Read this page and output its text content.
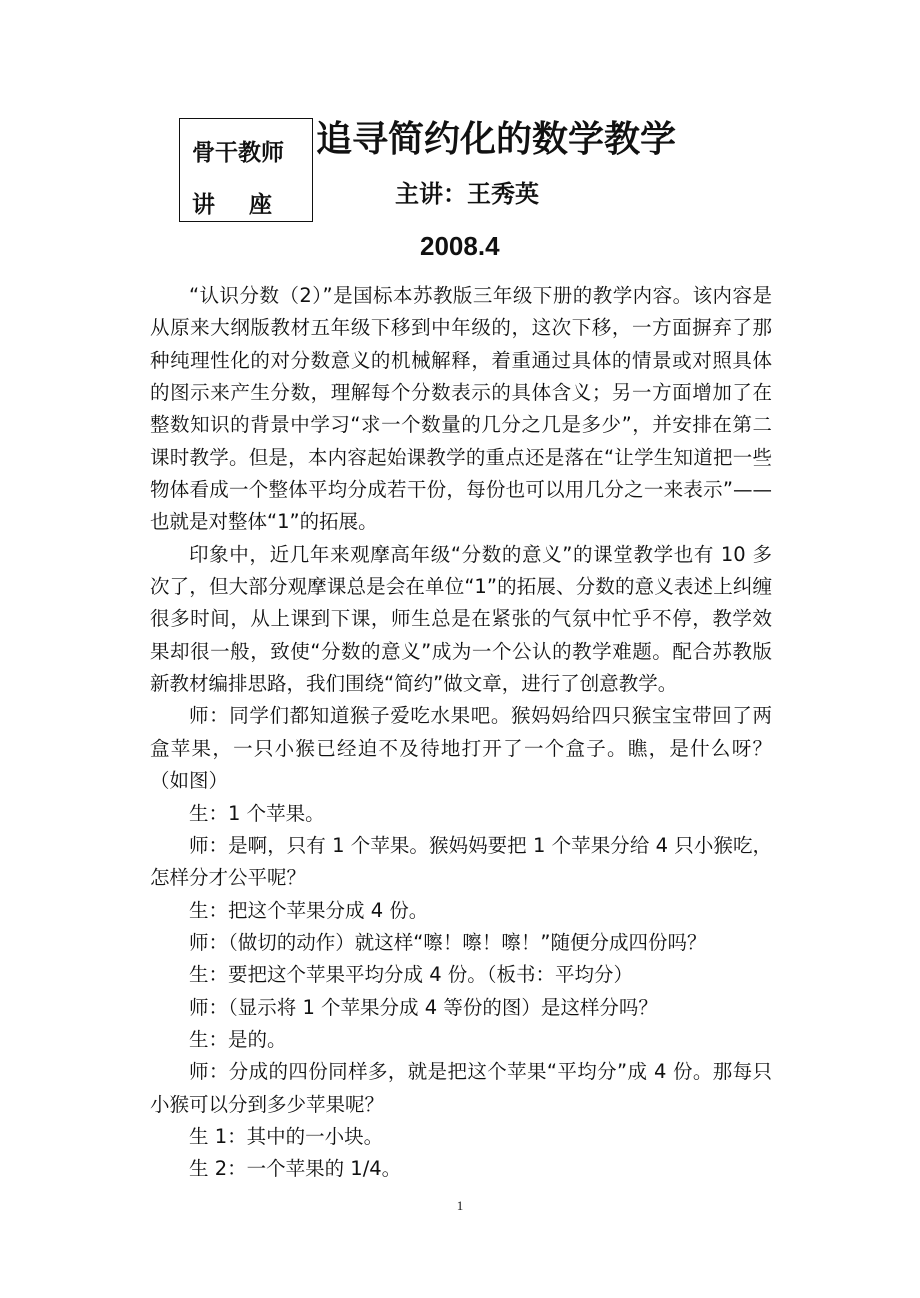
骨干教师
讲座
追寻简约化的数学教学
主讲：王秀英
2008.4

“认识分数（2）”是国标本苏教版三年级下册的教学内容。该内容是从原来大纲版教材五年级下移到中年级的，这次下移，一方面摒弃了那种纯理性化的对分数意义的机械解释，着重通过具体的情景或对照具体的图示来产生分数，理解每个分数表示的具体含义；另一方面增加了在整数知识的背景中学习“求一个数量的几分之几是多少”，并安排在第二课时教学。但是，本内容起始课教学的重点还是落在“让学生知道把一些物体看成一个整体平均分成若干份，每份也可以用几分之一来表示”——也就是对整体“1”的拓展。

印象中，近几年来观摩高年级“分数的意义”的课堂教学也有 10 多次了，但大部分观摩课总是会在单位“1”的拓展、分数的意义表述上纠缠很多时间，从上课到下课，师生总是在紧张的气氛中忙乎不停，教学效果却很一般，致使“分数的意义”成为一个公认的教学难题。配合苏教版新教材编排思路，我们围绕“简约”做文章，进行了创意教学。

师：同学们都知道猴子爱吃水果吧。猴妈妈给四只猴宝宝带回了两盒苹果，一只小猴已经迫不及待地打开了一个盒子。瞧，是什么呀？（如图）

生：1 个苹果。

师：是啊，只有 1 个苹果。猴妈妈要把 1 个苹果分给 4 只小猴吃，怎样分才公平呢？

生：把这个苹果分成 4 份。

师：（做切的动作）就这样“嚓！嚓！嚓！”随便分成四份吗？

生：要把这个苹果平均分成 4 份。（板书：平均分）

师：（显示将 1 个苹果分成 4 等份的图）是这样分吗？

生：是的。

师：分成的四份同样多，就是把这个苹果“平均分”成 4 份。那每只小猴可以分到多少苹果呢？

生 1：其中的一小块。

生 2：一个苹果的 1/4。

1
